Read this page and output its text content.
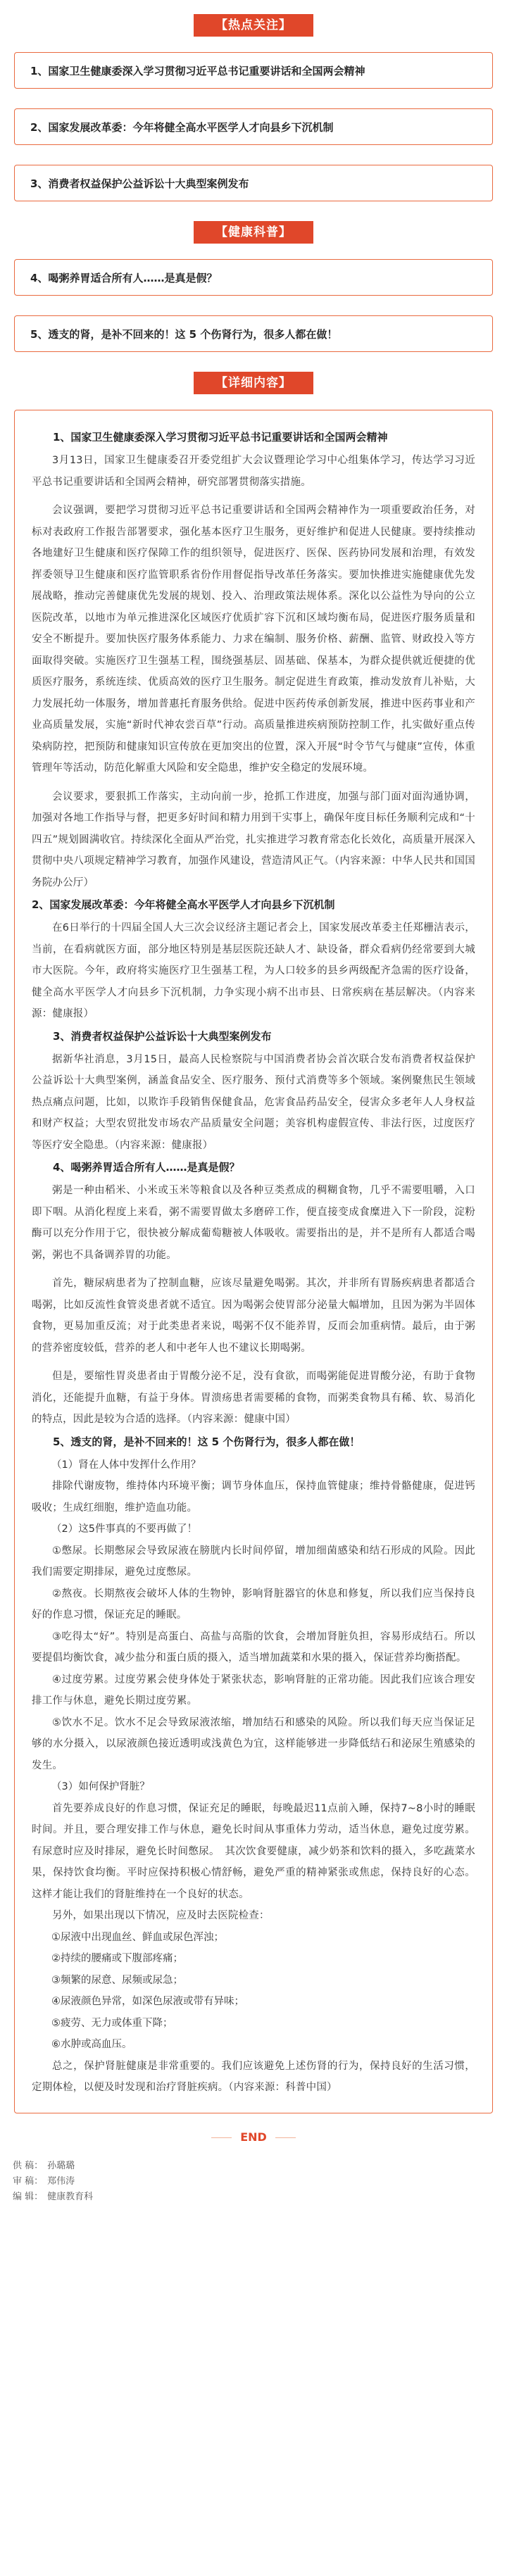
【热点关注】
1、国家卫生健康委深入学习贯彻习近平总书记重要讲话和全国两会精神
2、国家发展改革委：今年将健全高水平医学人才向县乡下沉机制
3、消费者权益保护公益诉讼十大典型案例发布
【健康科普】
4、喝粥养胃适合所有人……是真是假？
5、透支的肾，是补不回来的！这 5 个伤肾行为，很多人都在做！
【详细内容】
1、国家卫生健康委深入学习贯彻习近平总书记重要讲话和全国两会精神

3月13日，国家卫生健康委召开委党组扩大会议暨理论学习中心组集体学习，传达学习习近平总书记重要讲话和全国两会精神，研究部署贯彻落实措施。

会议强调，要把学习贯彻习近平总书记重要讲话和全国两会精神作为一项重要政治任务，对标对表政府工作报告部署要求，强化基本医疗卫生服务，更好维护和促进人民健康。要持续推动各地建好卫生健康和医疗保障工作的组织领导，促进医疗、医保、医药协同发展和治理，有效发挥委领导卫生健康和医疗监管职系省份作用督促指导改革任务落实。要加快推进实施健康优先发展战略，推动完善健康优先发展的规划、投入、治理政策法规体系。深化以公益性为导向的公立医院改革，以地市为单元推进深化区域医疗优质扩容下沉和区域均衡布局，促进医疗服务质量和安全不断提升。要加快医疗服务体系能力、力求在编制、服务价格、薪酬、监管、财政投入等方面取得突破。实施医疗卫生强基工程，围绕强基层、固基础、保基本，为群众提供就近便捷的优质医疗服务，系统连续、优质高效的医疗卫生服务。制定促进生育政策，推动发放育儿补贴，大力发展托幼一体服务，增加普惠托育服务供给。促进中医药传承创新发展，推进中医药事业和产业高质量发展，实施“新时代神农尝百草”行动。高质量推进疾病预防控制工作，扎实做好重点传染病防控，把预防和健康知识宣传放在更加突出的位置，深入开展“时令节气与健康”宣传，体重管理年等活动，防范化解重大风险和安全隐患，维护安全稳定的发展环境。

会议要求，要狠抓工作落实，主动向前一步，抢抓工作进度，加强与部门面对面沟通协调，加强对各地工作指导与督，把更多好时间和精力用到干实事上，确保年度目标任务顺利完成和“十四五”规划圆满收官。持续深化全面从严治党，扎实推进学习教育常态化长效化，高质量开展深入贯彻中央八项规定精神学习教育，加强作风建设，营造清风正气。（内容来源：中华人民共和国国务院办公厅）

2、国家发展改革委：今年将健全高水平医学人才向县乡下沉机制

在6日举行的十四届全国人大三次会议经济主题记者会上，国家发展改革委主任郑栅洁表示，当前，在看病就医方面，部分地区特别是基层医院还缺人才、缺设备，群众看病仍经常要到大城市大医院。今年，政府将实施医疗卫生强基工程，为人口较多的县乡两级配齐急需的医疗设备，健全高水平医学人才向县乡下沉机制，力争实现小病不出市县、日常疾病在基层解决。（内容来源：健康报）

3、消费者权益保护公益诉讼十大典型案例发布

据新华社消息，3月15日，最高人民检察院与中国消费者协会首次联合发布消费者权益保护公益诉讼十大典型案例，涵盖食品安全、医疗服务、预付式消费等多个领域。案例聚焦民生领域热点痛点问题，比如，以欺诈手段销售保健食品，危害食品药品安全，侵害众多老年人人身权益和财产权益；大型农贸批发市场农产品质量安全问题；美容机构虚假宣传、非法行医，过度医疗等医疗安全隐患。（内容来源：健康报）

4、喝粥养胃适合所有人……是真是假？

粥是一种由稻米、小米或玉米等粮食以及各种豆类煮成的稠糊食物，几乎不需要咀嚼，入口即下咽。从消化程度上来看，粥不需要胃做太多磨碎工作，便直接变成食糜进入下一阶段，淀粉酶可以充分作用于它，很快被分解成葡萄糖被人体吸收。需要指出的是，并不是所有人都适合喝粥，粥也不具备调养胃的功能。

首先，糖尿病患者为了控制血糖，应该尽量避免喝粥。其次，并非所有胃肠疾病患者都适合喝粥，比如反流性食管炎患者就不适宜。因为喝粥会使胃部分泌量大幅增加，且因为粥为半固体食物，更易加重反流；对于此类患者来说，喝粥不仅不能养胃，反而会加重病情。最后，由于粥的营养密度较低，营养的老人和中老年人也不建议长期喝粥。

但是，要缩性胃炎患者由于胃酸分泌不足，没有食欲，而喝粥能促进胃酸分泌，有助于食物消化，还能提升血糖，有益于身体。胃溃疡患者需要稀的食物，而粥类食物具有稀、软、易消化的特点，因此是较为合适的选择。（内容来源：健康中国）

5、透支的肾，是补不回来的！这 5 个伤肾行为，很多人都在做！
（1）肾在人体中发挥什么作用？

排除代谢废物，维持体内环境平衡；调节身体血压，保持血管健康；维持骨骼健康，促进钙吸收；生成红细胞，维护造血功能。

（2）这5件事真的不要再做了！

①憋尿。长期憋尿会导致尿液在膀胱内长时间停留，增加细菌感染和结石形成的风险。因此我们需要定期排尿，避免过度憋尿。

②熬夜。长期熬夜会破坏人体的生物钟，影响肾脏器官的休息和修复，所以我们应当保持良好的作息习惯，保证充足的睡眠。

③吃得太“好”。特别是高蛋白、高盐与高脂的饮食，会增加肾脏负担，容易形成结石。所以要提倡均衡饮食，减少盐分和蛋白质的摄入，适当增加蔬菜和水果的摄入，保证营养均衡搭配。

④过度劳累。过度劳累会使身体处于紧张状态，影响肾脏的正常功能。因此我们应该合理安排工作与休息，避免长期过度劳累。

⑤饮水不足。饮水不足会导致尿液浓缩，增加结石和感染的风险。所以我们每天应当保证足够的水分摄入，以尿液颜色接近透明或浅黄色为宜，这样能够进一步降低结石和泌尿生殖感染的发生。

（3）如何保护肾脏？

首先要养成良好的作息习惯，保证充足的睡眠，每晚最迟11点前入睡，保持7~8小时的睡眠时间。并且，要合理安排工作与休息，避免长时间从事重体力劳动，适当休息，避免过度劳累。有尿意时应及时排尿，避免长时间憋尿。　其次饮食要健康，减少奶茶和饮料的摄入，多吃蔬菜水果，保持饮食均衡。平时应保持积极心情舒畅，避免严重的精神紧张或焦虑，保持良好的心态。这样才能让我们的肾脏维持在一个良好的状态。

另外，如果出现以下情况，应及时去医院检查：

①尿液中出现血丝、鲜血或尿色浑浊；
②持续的腰痛或下腹部疼痛；
③频繁的尿意、尿频或尿急；
④尿液颜色异常，如深色尿液或带有异味；
⑤疲劳、无力或体重下降；
⑥水肿或高血压。

总之，保护肾脏健康是非常重要的。我们应该避免上述伤肾的行为，保持良好的生活习惯，定期体检，以便及时发现和治疗肾脏疾病。（内容来源：科普中国）

END
供 稿： 孙璐璐
审 稿： 郑伟涛
编 辑： 健康教育科
